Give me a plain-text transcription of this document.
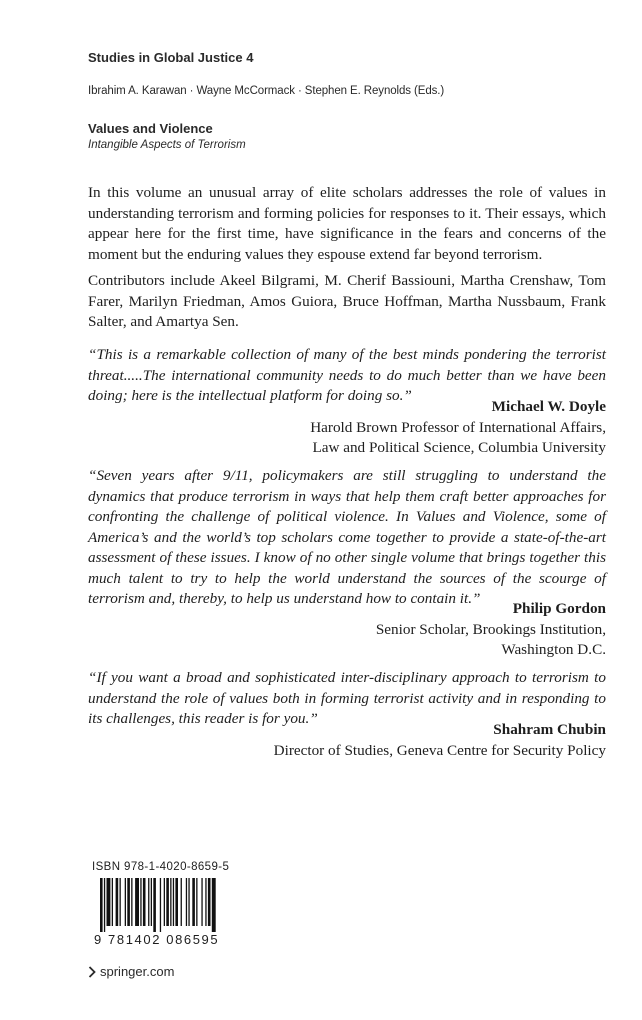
Studies in Global Justice 4
Ibrahim A. Karawan · Wayne McCormack · Stephen E. Reynolds (Eds.)
Values and Violence
Intangible Aspects of Terrorism

In this volume an unusual array of elite scholars addresses the role of values in understanding terrorism and forming policies for responses to it. Their essays, which appear here for the first time, have significance in the fears and concerns of the moment but the enduring values they espouse extend far beyond terrorism.

Contributors include Akeel Bilgrami, M. Cherif Bassiouni, Martha Crenshaw, Tom Farer, Marilyn Friedman, Amos Guiora, Bruce Hoffman, Martha Nussbaum, Frank Salter, and Amartya Sen.

“This is a remarkable collection of many of the best minds pondering the terrorist threat.....The international community needs to do much better than we have been doing; here is the intellectual platform for doing so.”

Michael W. Doyle
Harold Brown Professor of International Affairs,
Law and Political Science, Columbia University

“Seven years after 9/11, policymakers are still struggling to understand the dynamics that produce terrorism in ways that help them craft better approaches for confronting the challenge of political violence. In Values and Violence, some of America’s and the world’s top scholars come together to provide a state-of-the-art assessment of these issues. I know of no other single volume that brings together this much talent to try to help the world understand the sources of the scourge of terrorism and, thereby, to help us understand how to contain it.”

Philip Gordon
Senior Scholar, Brookings Institution,
Washington D.C.

“If you want a broad and sophisticated inter-disciplinary approach to terrorism to understand the role of values both in forming terrorist activity and in responding to its challenges, this reader is for you.”

Shahram Chubin
Director of Studies, Geneva Centre for Security Policy
ISBN 978-1-4020-8659-5
9 781402 086595
springer.com
